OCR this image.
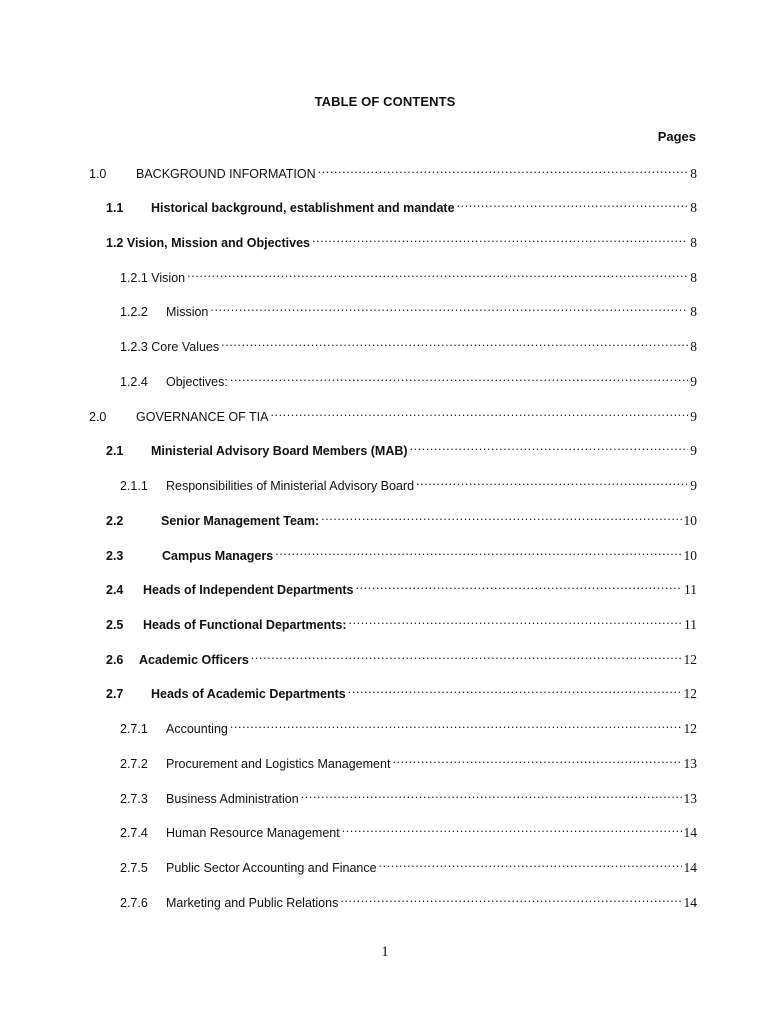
TABLE OF CONTENTS
Pages
1.0	BACKGROUND INFORMATION .....	8
1.1	Historical background, establishment and mandate .....	8
1.2 Vision, Mission and Objectives .....	8
1.2.1 Vision .....	8
1.2.2	Mission .....	8
1.2.3 Core Values .....	8
1.2.4	Objectives: .....	9
2.0	GOVERNANCE OF TIA .....	9
2.1	Ministerial Advisory Board Members (MAB) .....	9
2.1.1	Responsibilities of Ministerial Advisory Board .....	9
2.2	Senior Management Team: .....	10
2.3	Campus Managers .....	10
2.4	Heads of Independent Departments .....	11
2.5	Heads of Functional Departments: .....	11
2.6	Academic Officers .....	12
2.7	Heads of Academic Departments .....	12
2.7.1	Accounting .....	12
2.7.2	Procurement and Logistics Management .....	13
2.7.3	Business Administration .....	13
2.7.4	Human Resource Management .....	14
2.7.5	Public Sector Accounting and Finance .....	14
2.7.6	Marketing and Public Relations .....	14
1
